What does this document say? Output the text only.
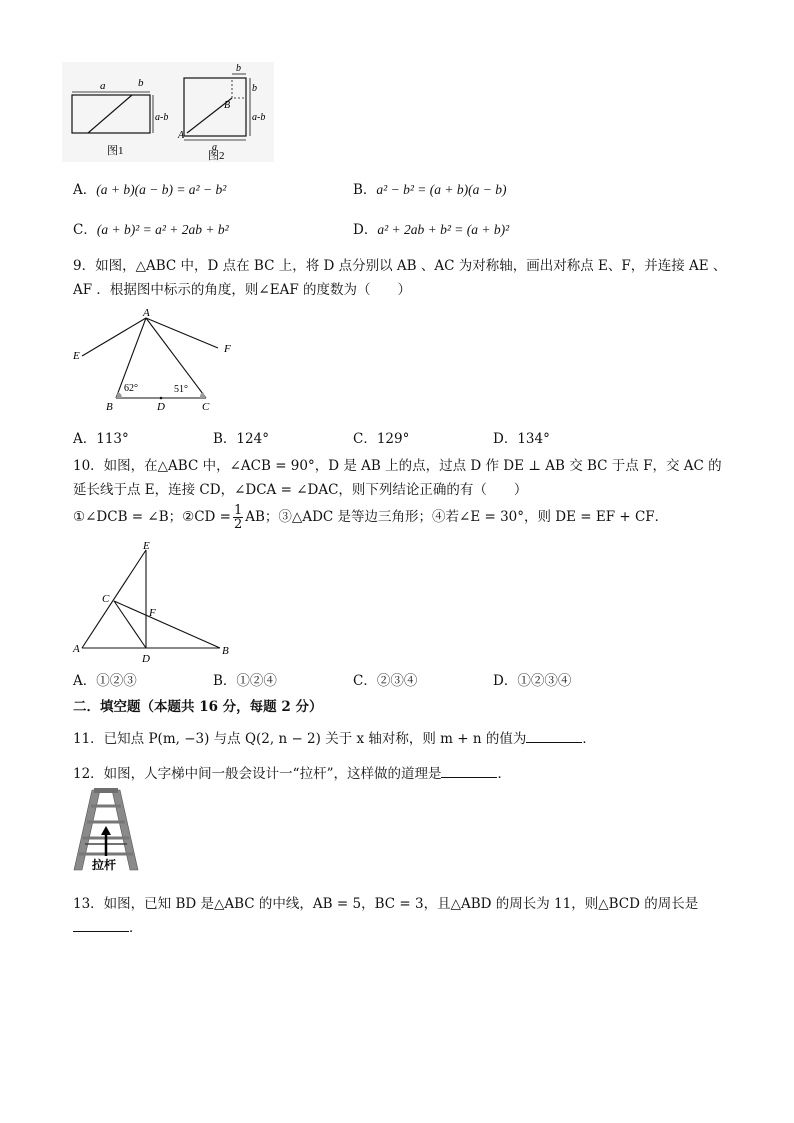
a	b
a-b
图1
b
b
a-b
B
A
a
图2
A．(a + b)(a − b) = a² − b²	B．a² − b² = (a + b)(a − b)
C．(a + b)² = a² + 2ab + b²	D．a² + 2ab + b² = (a + b)²
9．如图，△ABC 中，D 点在 BC 上，将 D 点分别以 AB 、AC 为对称轴，画出对称点 E、F，并连接 AE 、
AF ．根据图中标示的角度，则∠EAF 的度数为（　　）
A
B	C
D
E
F
62°	51°
A．113°	B．124°	C．129°	D．134°
10．如图，在△ABC 中，∠ACB = 90°，D 是 AB 上的点，过点 D 作 DE ⊥ AB 交 BC 于点 F，交 AC 的
延长线于点 E，连接 CD，∠DCA = ∠DAC，则下列结论正确的有（　　）
①∠DCB = ∠B；②CD = $\frac{1}{2}$ AB；③△ADC 是等边三角形；④若∠E = 30°，则 DE = EF + CF．
E
C
F
A
D
B
A．①②③	B．①②④	C．②③④	D．①②③④
二．填空题（本题共 16 分，每题 2 分）
11．已知点 P(m, −3) 与点 Q(2, n − 2) 关于 x 轴对称，则 m + n 的值为	．
12．如图，人字梯中间一般会设计一“拉杆”，这样做的道理是	．
拉杆
13．如图，已知 BD 是△ABC 的中线，AB = 5，BC = 3，且△ABD 的周长为 11，则△BCD 的周长是
．
